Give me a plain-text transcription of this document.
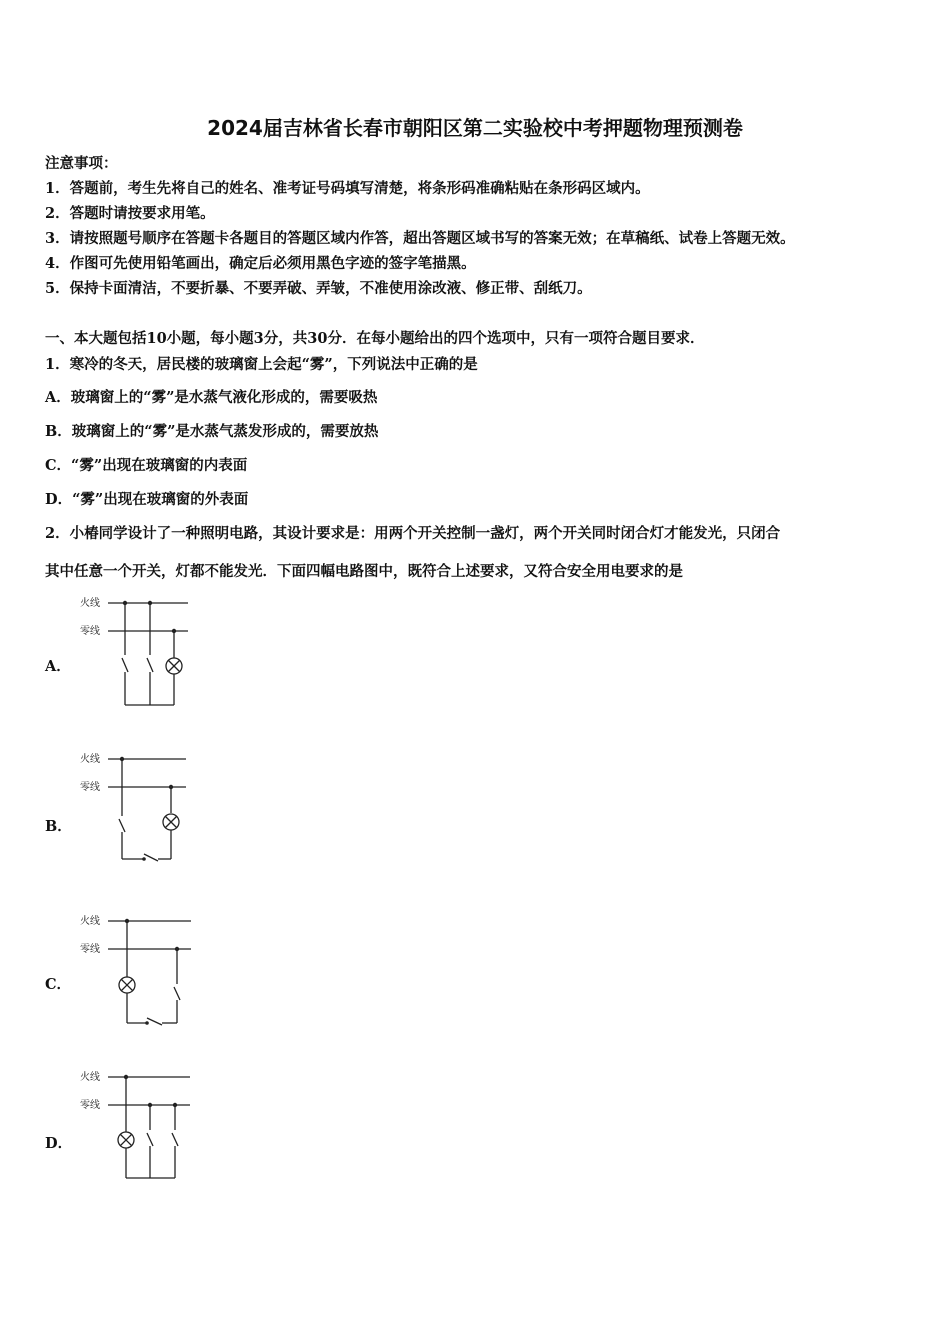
2024届吉林省长春市朝阳区第二实验校中考押题物理预测卷
注意事项：
1．答题前，考生先将自己的姓名、准考证号码填写清楚，将条形码准确粘贴在条形码区域内。
2．答题时请按要求用笔。
3．请按照题号顺序在答题卡各题目的答题区域内作答，超出答题区域书写的答案无效；在草稿纸、试卷上答题无效。
4．作图可先使用铅笔画出，确定后必须用黑色字迹的签字笔描黑。
5．保持卡面清洁，不要折暴、不要弄破、弄皱，不准使用涂改液、修正带、刮纸刀。
一、本大题包括10小题，每小题3分，共30分．在每小题给出的四个选项中，只有一项符合题目要求．
1．寒冷的冬天，居民楼的玻璃窗上会起“雾”，下列说法中正确的是
A．玻璃窗上的“雾”是水蒸气液化形成的，需要吸热
B．玻璃窗上的“雾”是水蒸气蒸发形成的，需要放热
C．“雾”出现在玻璃窗的内表面
D．“雾”出现在玻璃窗的外表面
2．小椿同学设计了一种照明电路，其设计要求是：用两个开关控制一盏灯，两个开关同时闭合灯才能发光，只闭合
其中任意一个开关，灯都不能发光．下面四幅电路图中，既符合上述要求，又符合安全用电要求的是
A．
火线
零线
B．
火线
零线
C．
火线
零线
D．
火线
零线
